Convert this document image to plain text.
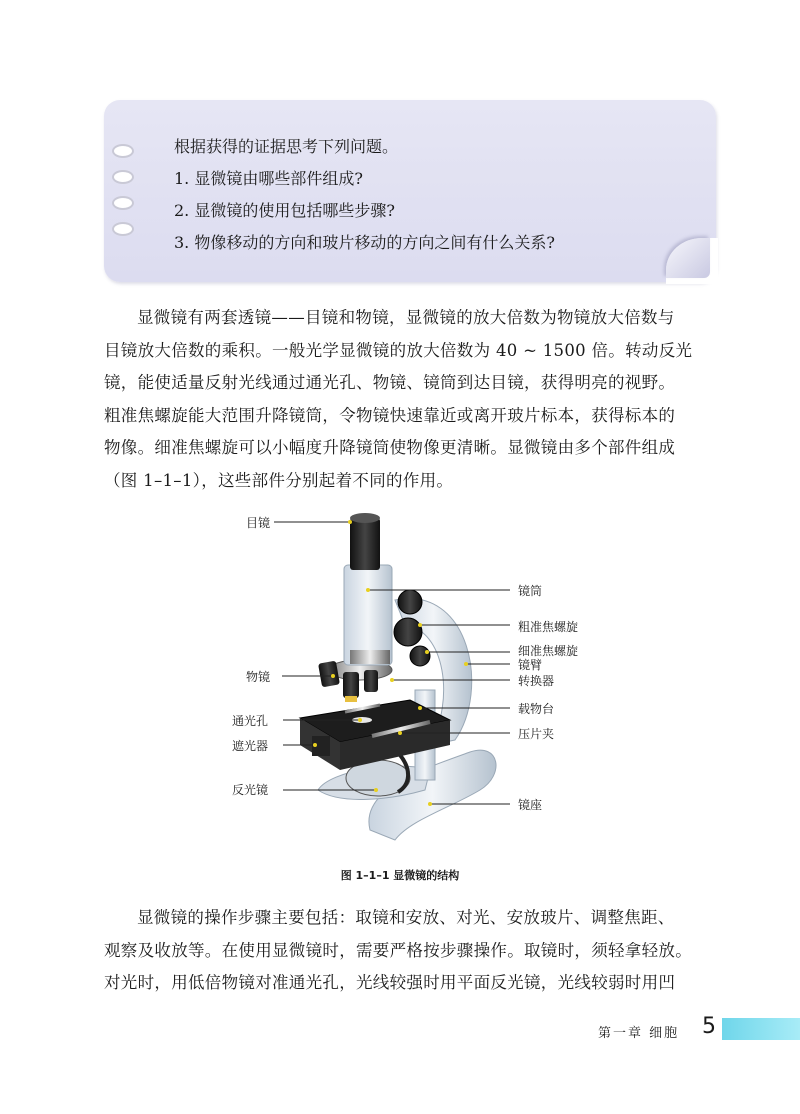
根据获得的证据思考下列问题。
1. 显微镜由哪些部件组成?
2. 显微镜的使用包括哪些步骤?
3. 物像移动的方向和玻片移动的方向之间有什么关系?
显微镜有两套透镜——目镜和物镜，显微镜的放大倍数为物镜放大倍数与
目镜放大倍数的乘积。一般光学显微镜的放大倍数为 40 ~ 1500 倍。转动反光
镜，能使适量反射光线通过通光孔、物镜、镜筒到达目镜，获得明亮的视野。
粗准焦螺旋能大范围升降镜筒，令物镜快速靠近或离开玻片标本，获得标本的
物像。细准焦螺旋可以小幅度升降镜筒使物像更清晰。显微镜由多个部件组成
（图 1–1–1），这些部件分别起着不同的作用。
目镜
镜筒
粗准焦螺旋
细准焦螺旋
镜臂
转换器
物镜
载物台
通光孔
压片夹
遮光器
反光镜
镜座
图 1–1–1 显微镜的结构
显微镜的操作步骤主要包括：取镜和安放、对光、安放玻片、调整焦距、
观察及收放等。在使用显微镜时，需要严格按步骤操作。取镜时，须轻拿轻放。
对光时，用低倍物镜对准通光孔，光线较强时用平面反光镜，光线较弱时用凹
第一章 细胞 5
